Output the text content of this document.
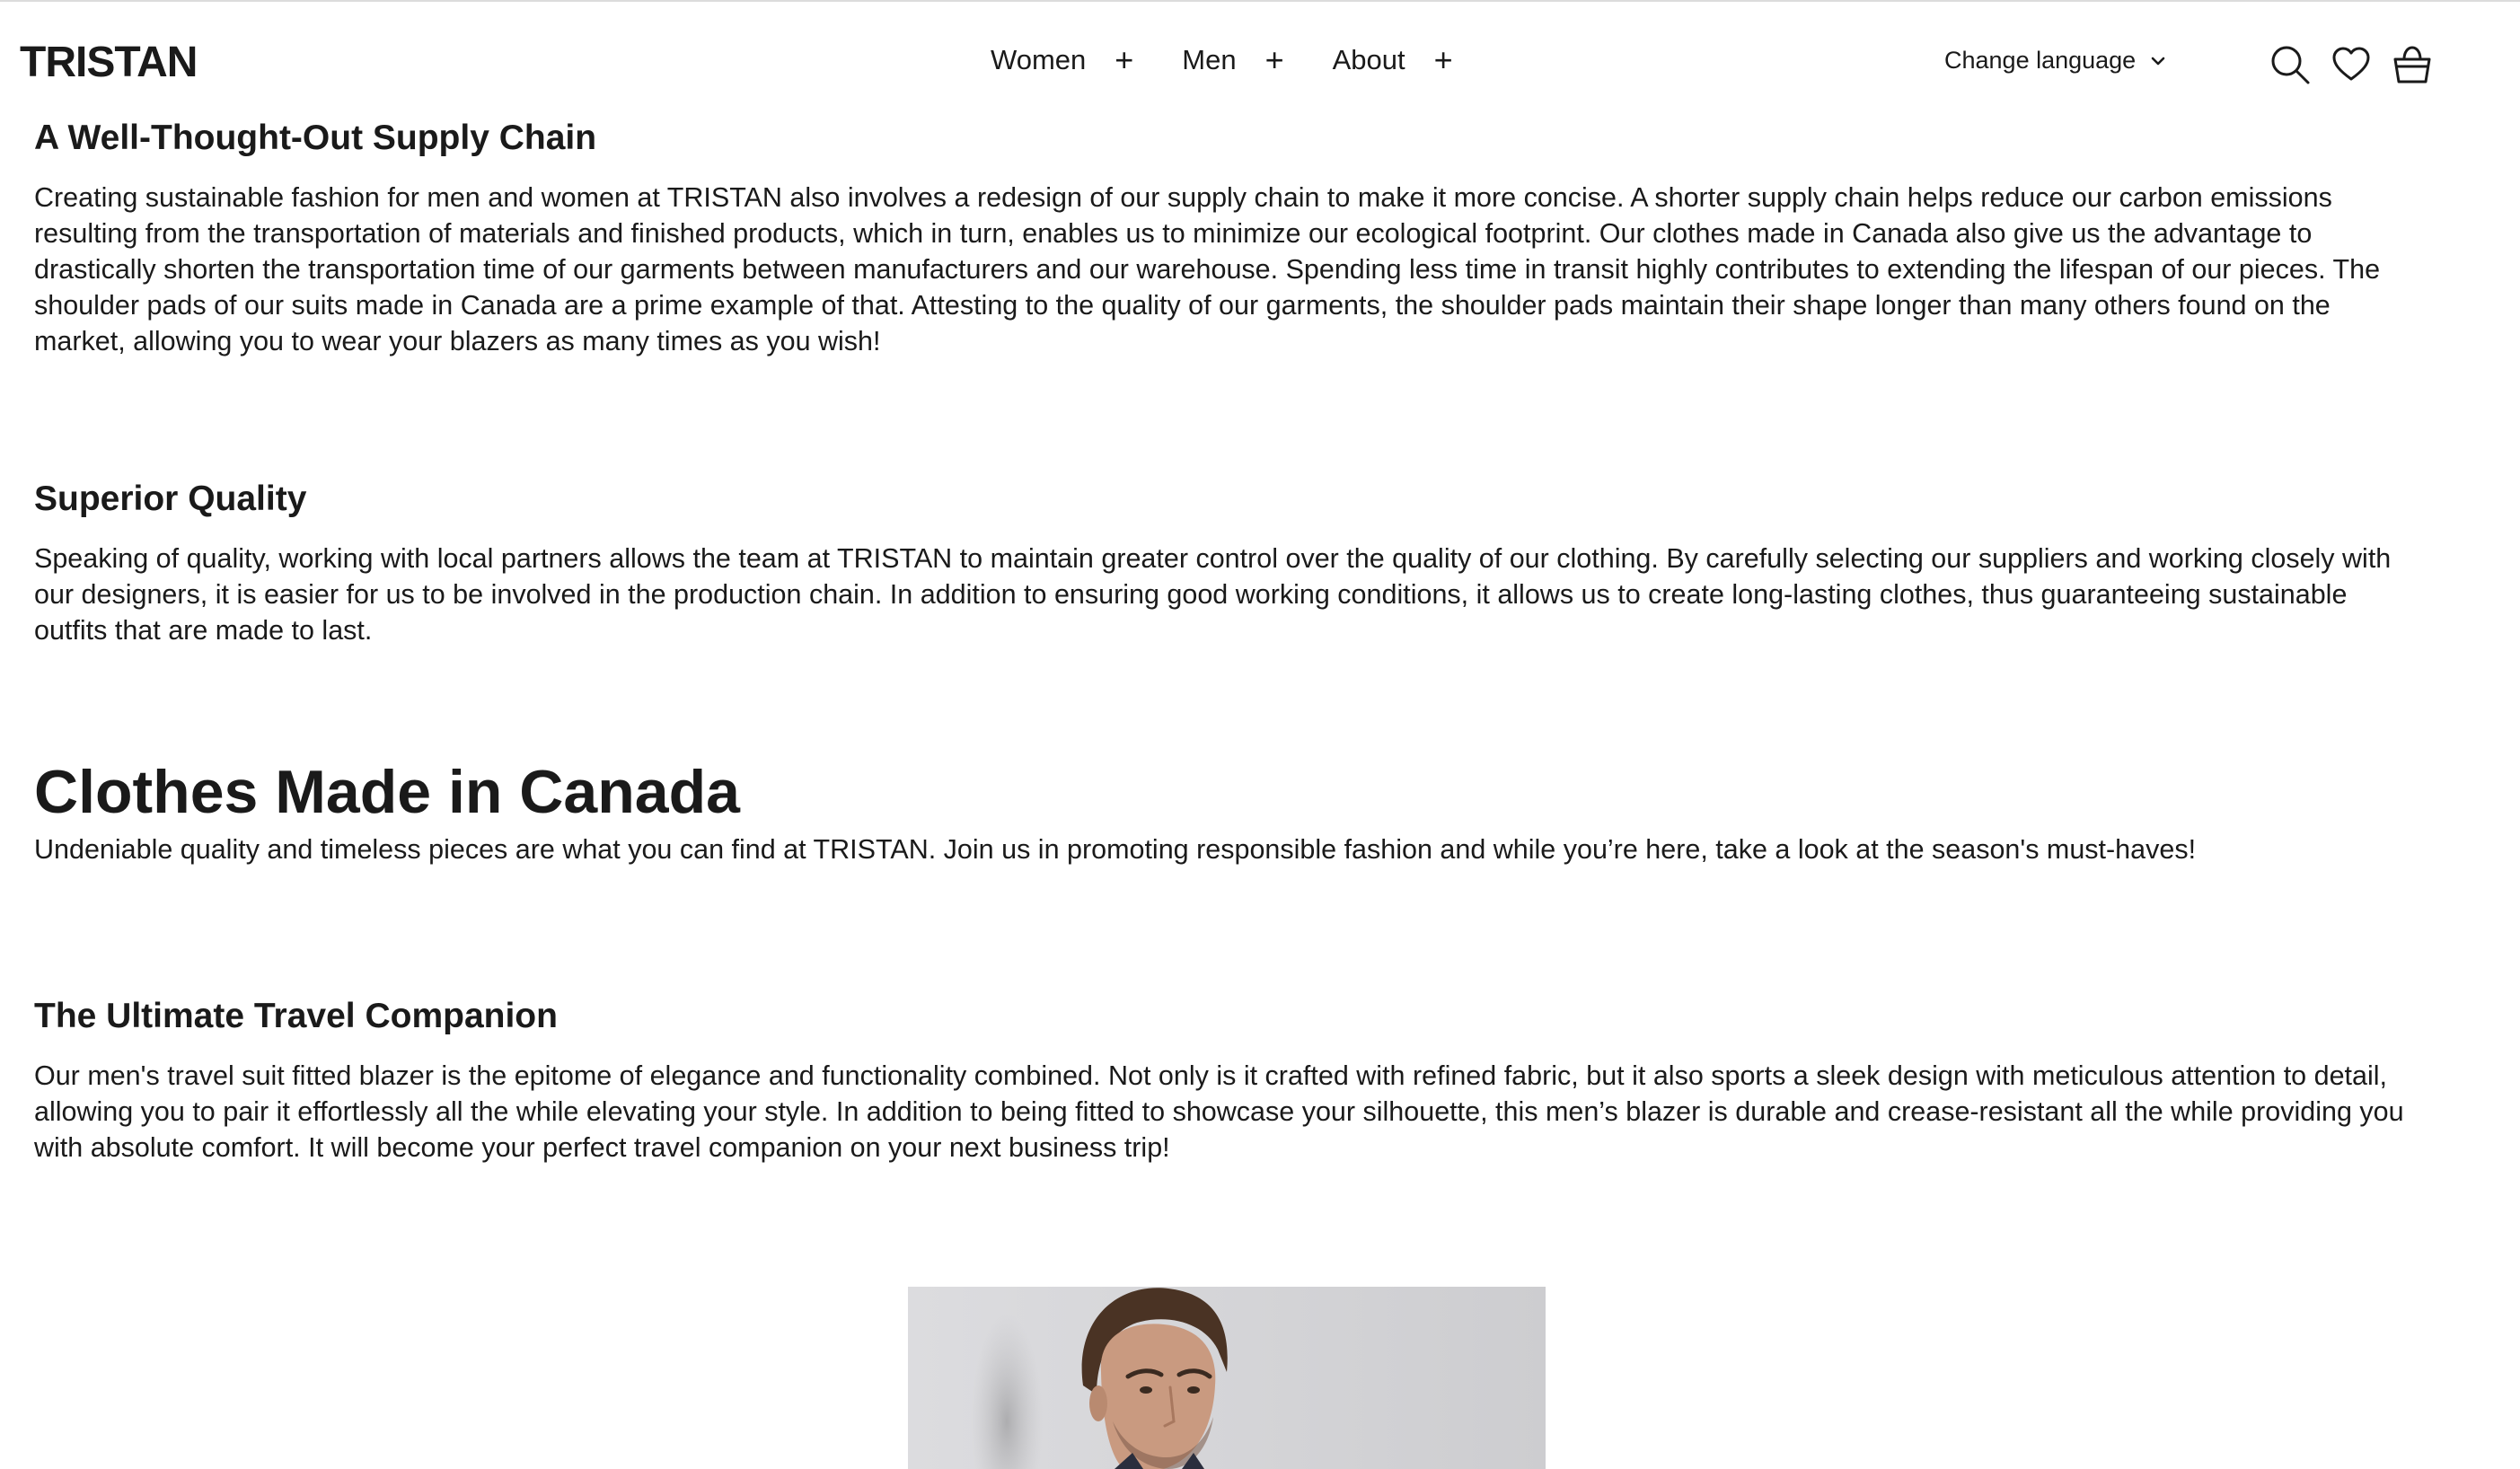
TRISTAN	Women + Men + About +	Change language
A Well-Thought-Out Supply Chain

Creating sustainable fashion for men and women at TRISTAN also involves a redesign of our supply chain to make it more concise. A shorter supply chain helps reduce our carbon emissions resulting from the transportation of materials and finished products, which in turn, enables us to minimize our ecological footprint. Our clothes made in Canada also give us the advantage to drastically shorten the transportation time of our garments between manufacturers and our warehouse. Spending less time in transit highly contributes to extending the lifespan of our pieces. The shoulder pads of our suits made in Canada are a prime example of that. Attesting to the quality of our garments, the shoulder pads maintain their shape longer than many others found on the market, allowing you to wear your blazers as many times as you wish!

Superior Quality

Speaking of quality, working with local partners allows the team at TRISTAN to maintain greater control over the quality of our clothing. By carefully selecting our suppliers and working closely with our designers, it is easier for us to be involved in the production chain. In addition to ensuring good working conditions, it allows us to create long-lasting clothes, thus guaranteeing sustainable outfits that are made to last.

Clothes Made in Canada

Undeniable quality and timeless pieces are what you can find at TRISTAN. Join us in promoting responsible fashion and while you’re here, take a look at the season's must-haves!

The Ultimate Travel Companion

Our men's travel suit fitted blazer is the epitome of elegance and functionality combined. Not only is it crafted with refined fabric, but it also sports a sleek design with meticulous attention to detail, allowing you to pair it effortlessly all the while elevating your style. In addition to being fitted to showcase your silhouette, this men’s blazer is durable and crease-resistant all the while providing you with absolute comfort. It will become your perfect travel companion on your next business trip!
